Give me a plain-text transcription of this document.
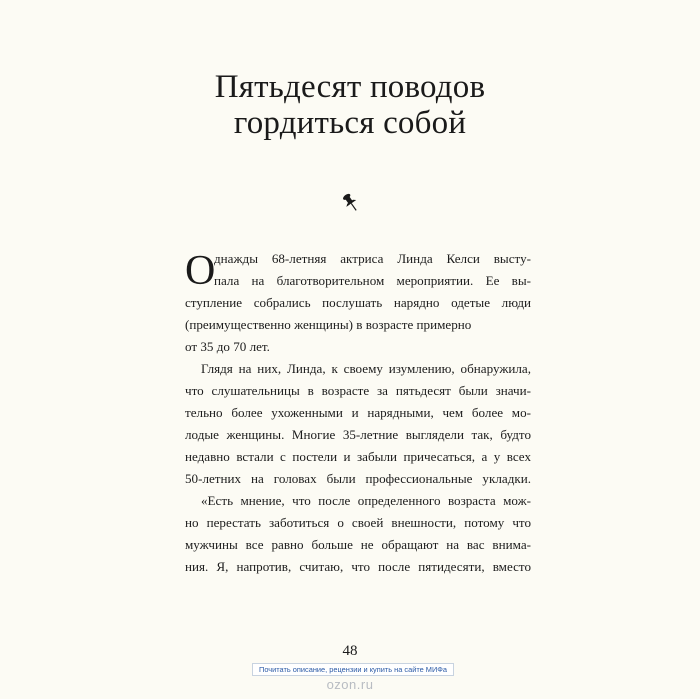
Пятьдесят поводов
гордиться собой
О
днажды 68-летняя актриса Линда Келси высту-
пала на благотворительном мероприятии. Ее вы-
ступление собрались послушать нарядно одетые люди
(преимущественно женщины) в возрасте примерно
от 35 до 70 лет.
Глядя на них, Линда, к своему изумлению, обнаружила,
что слушательницы в возрасте за пятьдесят были значи-
тельно более ухоженными и нарядными, чем более мо-
лодые женщины. Многие 35-летние выглядели так, будто
недавно встали с постели и забыли причесаться, а у всех
50-летних на головах были профессиональные укладки.
«Есть мнение, что после определенного возраста мож-
но перестать заботиться о своей внешности, потому что
мужчины все равно больше не обращают на вас внима-
ния. Я, напротив, считаю, что после пятидесяти, вместо
48
Почитать описание, рецензии и купить на сайте МИФа
ozon.ru
